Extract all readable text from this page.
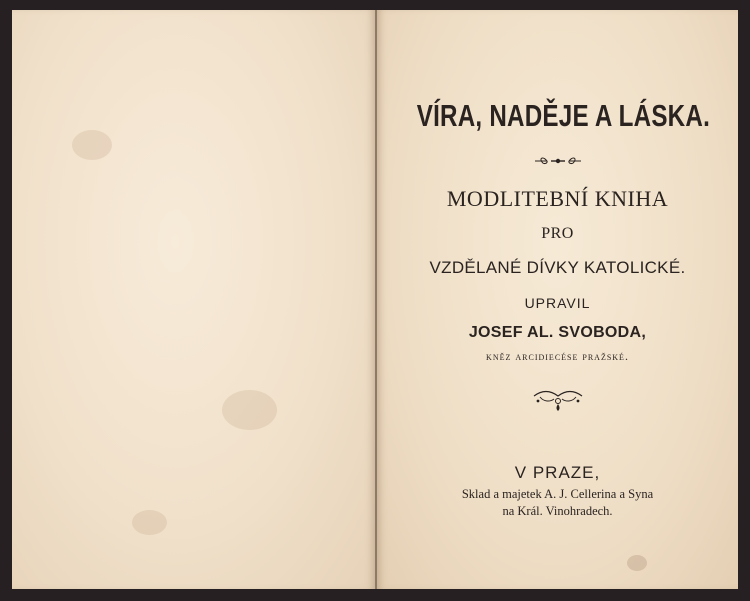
VÍRA, NADĚJE A LÁSKA.
MODLITEBNÍ KNIHA
PRO
VZDĚLANÉ DÍVKY KATOLICKÉ.
UPRAVIL
JOSEF AL. SVOBODA,
kněz arcidiecése pražské.
V PRAZE,
Sklad a majetek A. J. Cellerina a Syna
na Král. Vinohradech.
